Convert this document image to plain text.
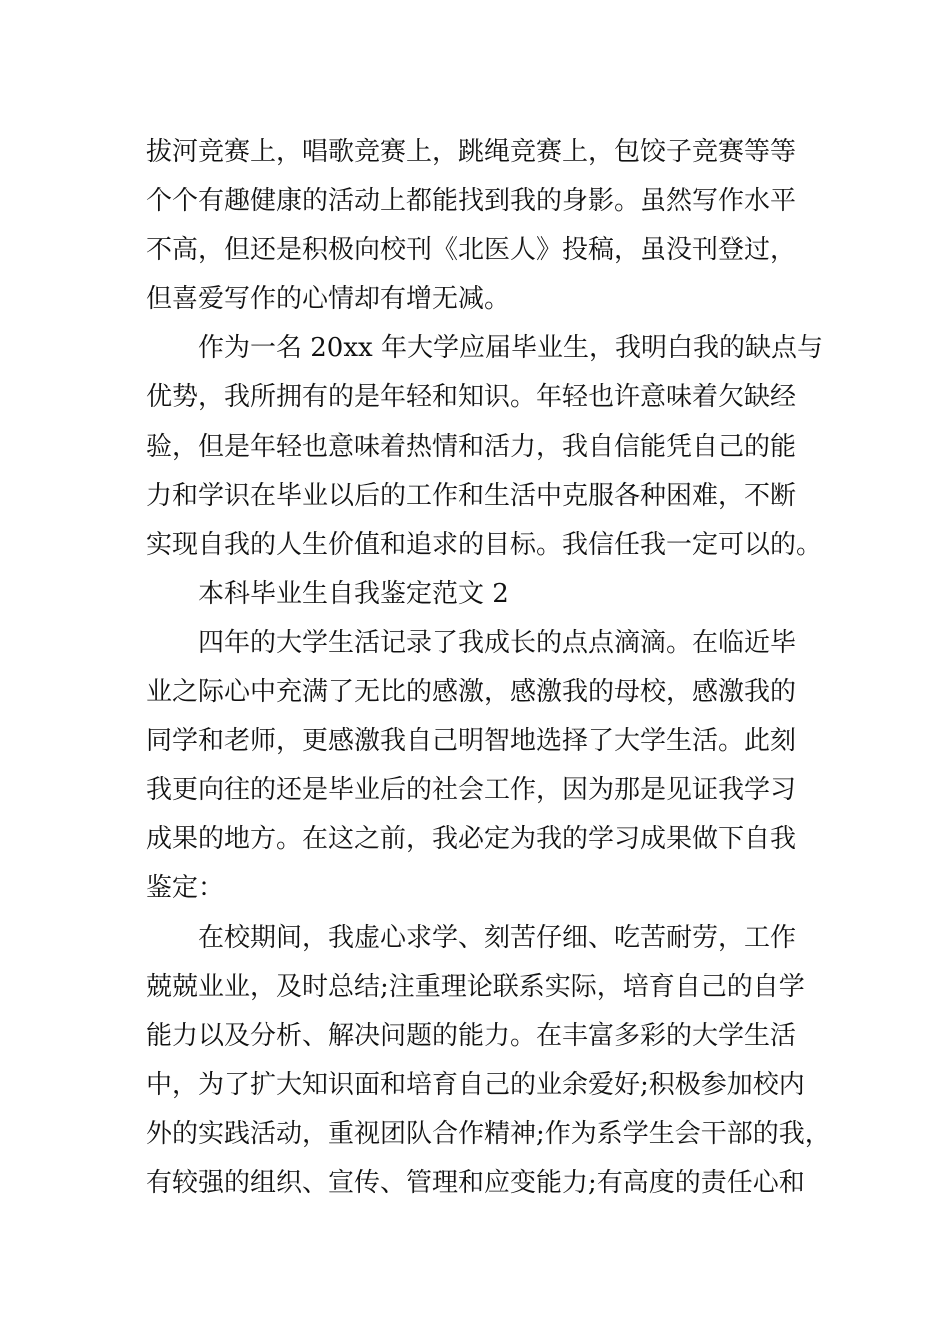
拔河竞赛上，唱歌竞赛上，跳绳竞赛上，包饺子竞赛等等
个个有趣健康的活动上都能找到我的身影。虽然写作水平
不高，但还是积极向校刊《北医人》投稿，虽没刊登过，
但喜爱写作的心情却有增无减。
作为一名 20xx 年大学应届毕业生，我明白我的缺点与
优势，我所拥有的是年轻和知识。年轻也许意味着欠缺经
验，但是年轻也意味着热情和活力，我自信能凭自己的能
力和学识在毕业以后的工作和生活中克服各种困难，不断
实现自我的人生价值和追求的目标。我信任我一定可以的。
本科毕业生自我鉴定范文 2
四年的大学生活记录了我成长的点点滴滴。在临近毕
业之际心中充满了无比的感激，感激我的母校，感激我的
同学和老师，更感激我自己明智地选择了大学生活。此刻
我更向往的还是毕业后的社会工作，因为那是见证我学习
成果的地方。在这之前，我必定为我的学习成果做下自我
鉴定：
在校期间，我虚心求学、刻苦仔细、吃苦耐劳，工作
兢兢业业，及时总结;注重理论联系实际，培育自己的自学
能力以及分析、解决问题的能力。在丰富多彩的大学生活
中，为了扩大知识面和培育自己的业余爱好;积极参加校内
外的实践活动，重视团队合作精神;作为系学生会干部的我，
有较强的组织、宣传、管理和应变能力;有高度的责任心和
